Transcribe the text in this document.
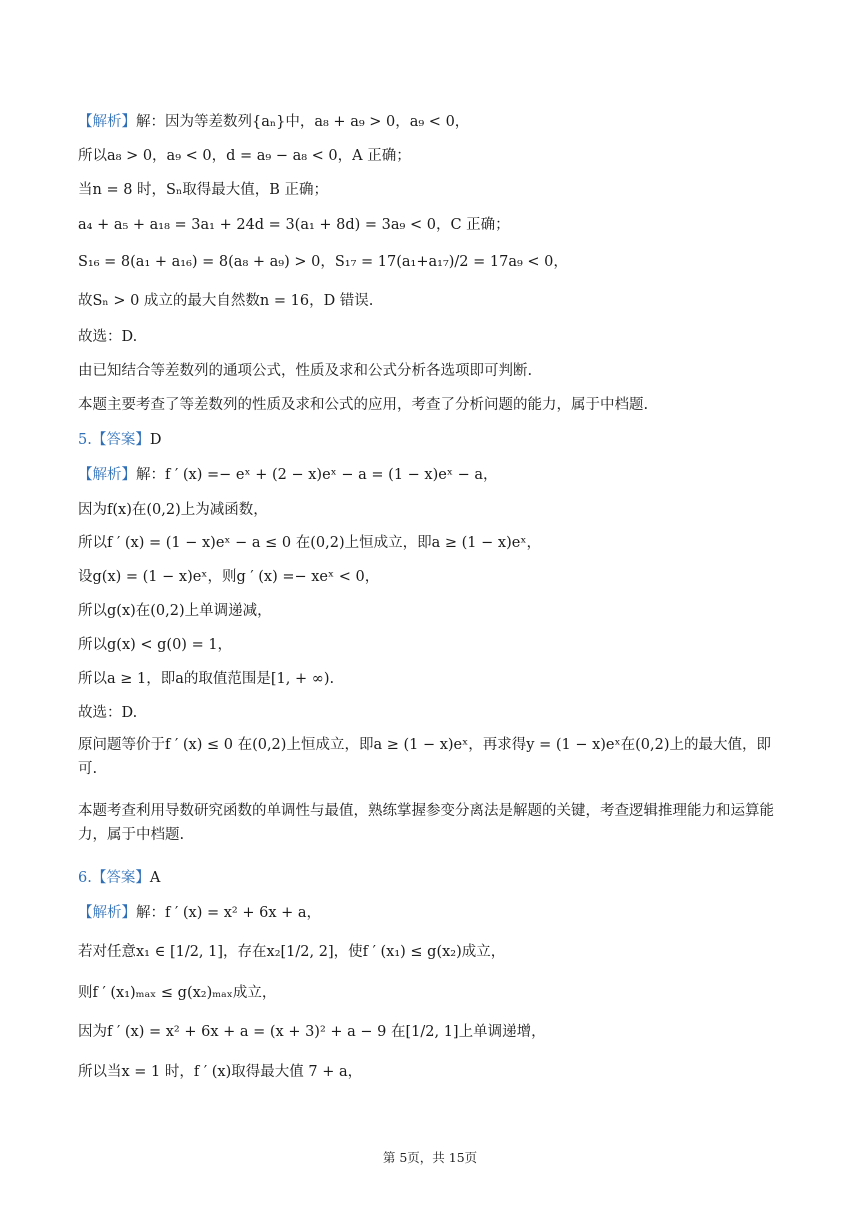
【解析】解：因为等差数列{aₙ}中，a₈ + a₉ > 0，a₉ < 0，
所以a₈ > 0，a₉ < 0，d = a₉ − a₈ < 0，A 正确；
当n = 8 时，Sₙ取得最大值，B 正确；
a₄ + a₅ + a₁₈ = 3a₁ + 24d = 3(a₁ + 8d) = 3a₉ < 0，C 正确；
S₁₆ = 8(a₁ + a₁₆) = 8(a₈ + a₉) > 0，S₁₇ = 17(a₁+a₁₇)/2 = 17a₉ < 0，
故Sₙ > 0 成立的最大自然数n = 16，D 错误.
故选：D.
由已知结合等差数列的通项公式，性质及求和公式分析各选项即可判断.
本题主要考查了等差数列的性质及求和公式的应用，考查了分析问题的能力，属于中档题.
5.【答案】D
【解析】解：f ′ (x) =− eˣ + (2 − x)eˣ − a = (1 − x)eˣ − a，
因为f(x)在(0,2)上为减函数，
所以f ′ (x) = (1 − x)eˣ − a ≤ 0 在(0,2)上恒成立，即a ≥ (1 − x)eˣ，
设g(x) = (1 − x)eˣ，则g ′ (x) =− xeˣ < 0，
所以g(x)在(0,2)上单调递减，
所以g(x) < g(0) = 1，
所以a ≥ 1，即a的取值范围是[1, + ∞).
故选：D.
原问题等价于f ′ (x) ≤ 0 在(0,2)上恒成立，即a ≥ (1 − x)eˣ，再求得y = (1 − x)eˣ在(0,2)上的最大值，即可.
本题考查利用导数研究函数的单调性与最值，熟练掌握参变分离法是解题的关键，考查逻辑推理能力和运算能力，属于中档题.
6.【答案】A
【解析】解：f ′ (x) = x² + 6x + a，
若对任意x₁ ∈ [1/2, 1]，存在x₂[1/2, 2]，使f ′ (x₁) ≤ g(x₂)成立，
则f ′ (x₁)ₘₐₓ ≤ g(x₂)ₘₐₓ成立，
因为f ′ (x) = x² + 6x + a = (x + 3)² + a − 9 在[1/2, 1]上单调递增，
所以当x = 1 时，f ′ (x)取得最大值 7 + a，
第 5页，共 15页
